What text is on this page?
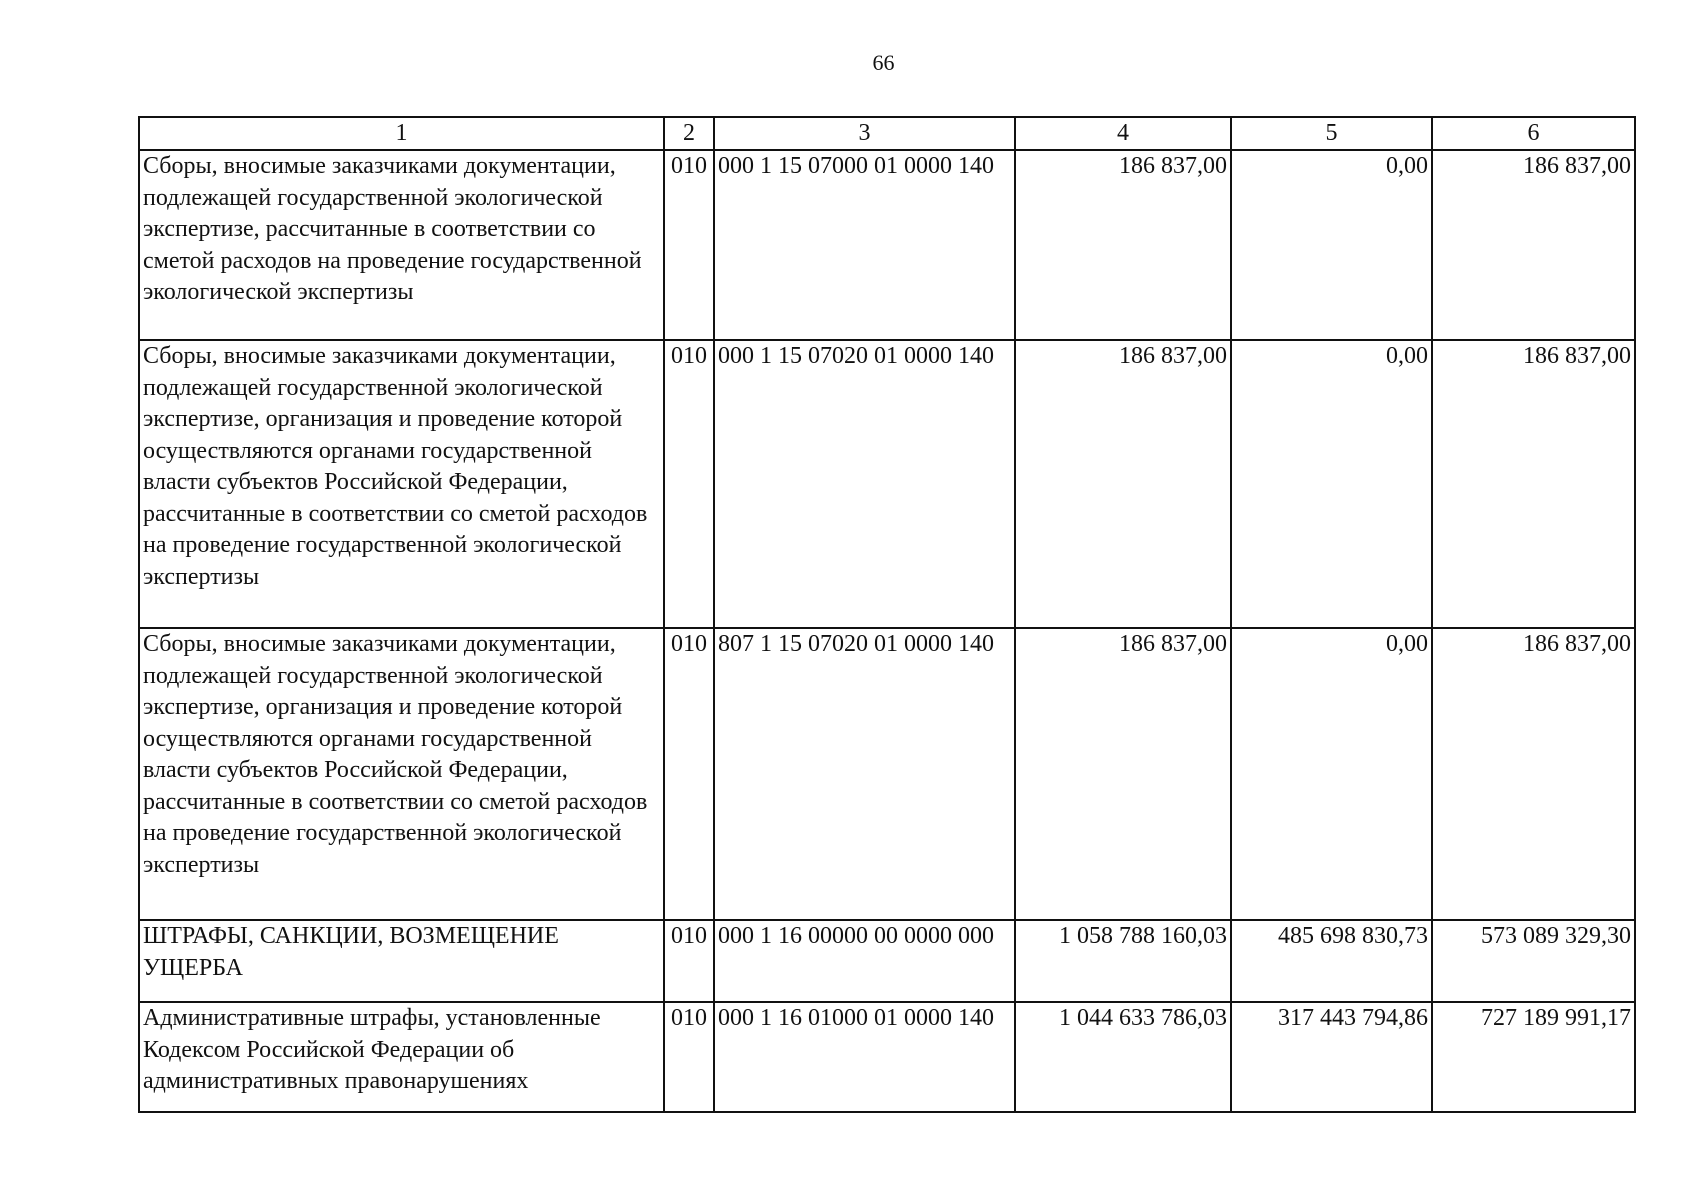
66
1	2	3	4	5	6
Сборы, вносимые заказчиками документации, подлежащей государственной экологической экспертизе, рассчитанные в соответствии со сметой расходов на проведение государственной экологической экспертизы	010	000 1 15 07000 01 0000 140	186 837,00	0,00	186 837,00
Сборы, вносимые заказчиками документации, подлежащей государственной экологической экспертизе, организация и проведение которой осуществляются органами государственной власти субъектов Российской Федерации, рассчитанные в соответствии со сметой расходов на проведение государственной экологической экспертизы	010	000 1 15 07020 01 0000 140	186 837,00	0,00	186 837,00
Сборы, вносимые заказчиками документации, подлежащей государственной экологической экспертизе, организация и проведение которой осуществляются органами государственной власти субъектов Российской Федерации, рассчитанные в соответствии со сметой расходов на проведение государственной экологической экспертизы	010	807 1 15 07020 01 0000 140	186 837,00	0,00	186 837,00
ШТРАФЫ, САНКЦИИ, ВОЗМЕЩЕНИЕ УЩЕРБА	010	000 1 16 00000 00 0000 000	1 058 788 160,03	485 698 830,73	573 089 329,30
Административные штрафы, установленные Кодексом Российской Федерации об административных правонарушениях	010	000 1 16 01000 01 0000 140	1 044 633 786,03	317 443 794,86	727 189 991,17
